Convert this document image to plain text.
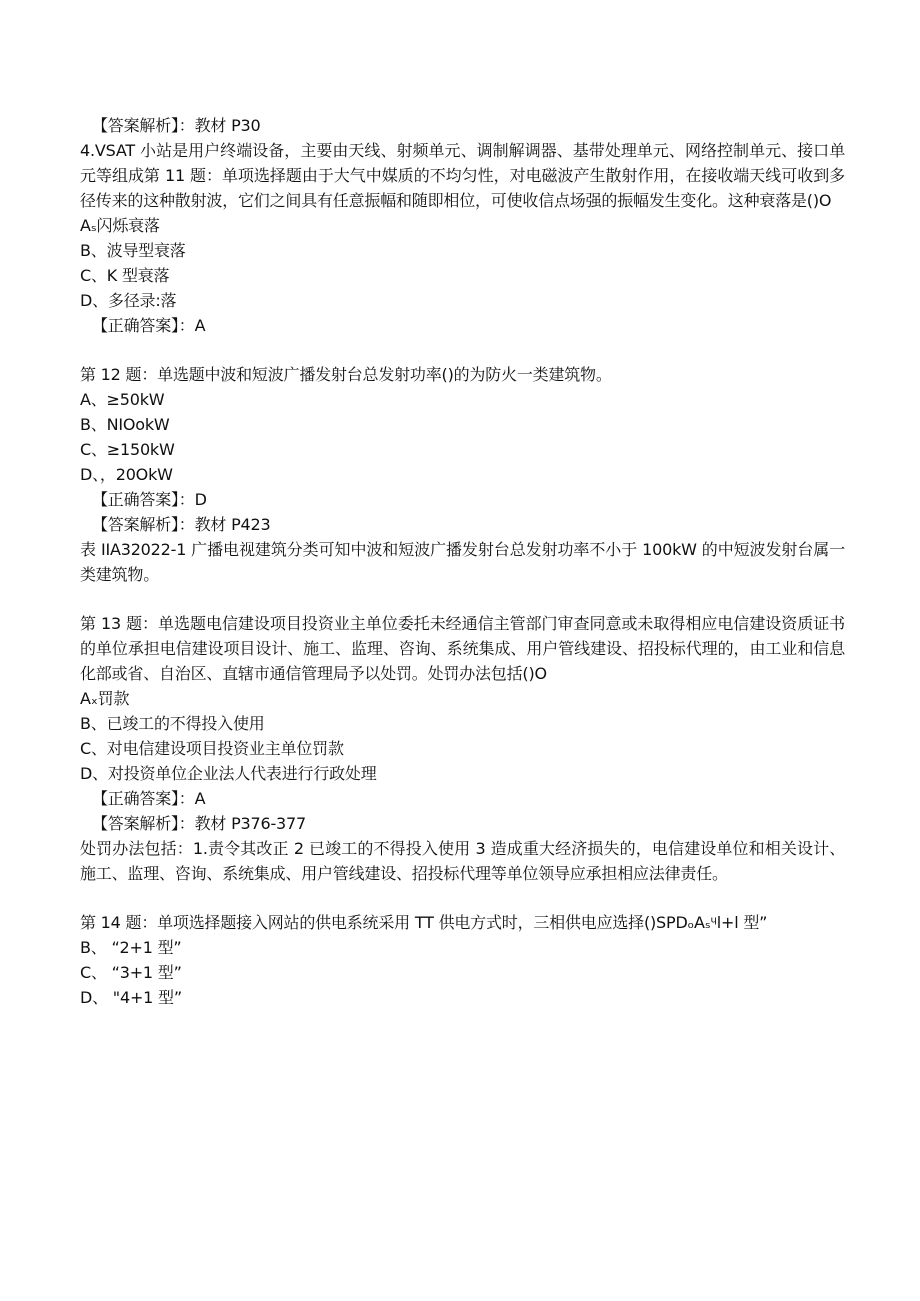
【答案解析】：教材 P30
4.VSAT 小站是用户终端设备，主要由天线、射频单元、调制解调器、基带处理单元、网络控制单元、接口单元等组成第 11 题：单项选择题由于大气中媒质的不均匀性，对电磁波产生散射作用，在接收端天线可收到多径传来的这种散射波，它们之间具有任意振幅和随即相位，可使收信点场强的振幅发生变化。这种衰落是()O
Aₛ闪烁衰落
B、波导型衰落
C、K 型衰落
D、多径录:落
【正确答案】：A
第 12 题：单选题中波和短波广播发射台总发射功率()的为防火一类建筑物。
A、≥50kW
B、NIOokW
C、≥150kW
D、，20OkW
【正确答案】：D
【答案解析】：教材 P423
表 IIA32022-1 广播电视建筑分类可知中波和短波广播发射台总发射功率不小于 100kW 的中短波发射台属一类建筑物。
第 13 题：单选题电信建设项目投资业主单位委托未经通信主管部门审查同意或未取得相应电信建设资质证书的单位承担电信建设项目设计、施工、监理、咨询、系统集成、用户管线建设、招投标代理的，由工业和信息化部或省、自治区、直辖市通信管理局予以处罚。处罚办法包括()O
Aₓ罚款
B、已竣工的不得投入使用
C、对电信建设项目投资业主单位罚款
D、对投资单位企业法人代表进行行政处理
【正确答案】：A
【答案解析】：教材 P376-377
处罚办法包括：1.责令其改正 2 已竣工的不得投入使用 3 造成重大经济损失的，电信建设单位和相关设计、施工、监理、咨询、系统集成、用户管线建设、招投标代理等单位领导应承担相应法律责任。
第 14 题：单项选择题接入网站的供电系统采用 TT 供电方式时，三相供电应选择()SPDₒAₛᶣl+l 型”
B、 “2+1 型”
C、 “3+1 型”
D、 "4+1 型”
